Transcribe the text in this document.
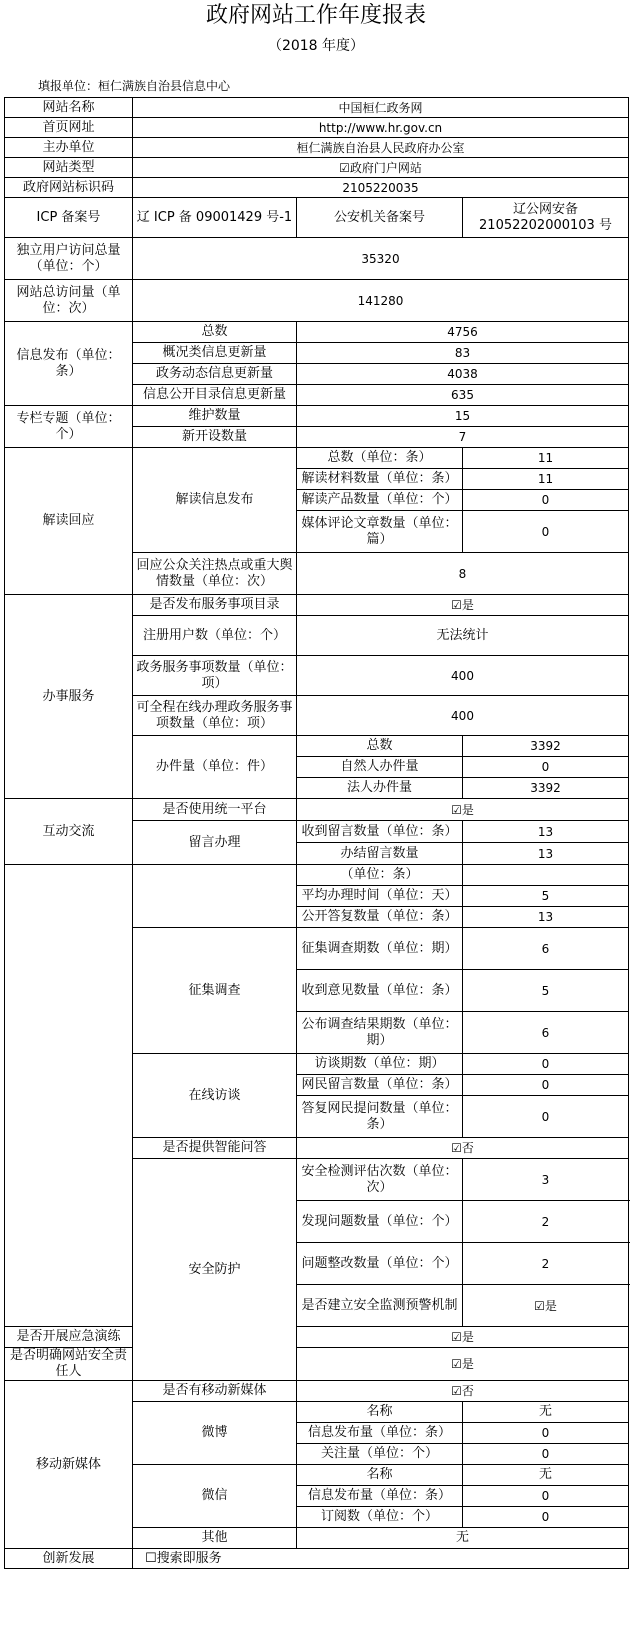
政府网站工作年度报表
（2018 年度）
填报单位：桓仁满族自治县信息中心
网站名称	中国桓仁政务网		
首页网址	http://www.hr.gov.cn		
主办单位	桓仁满族自治县人民政府办公室		
网站类型	☑政府门户网站		
政府网站标识码	2105220035		
ICP 备案号	辽 ICP 备 09001429 号-1	公安机关备案号	辽公网安备 21052202000103 号
独立用户访问总量（单位：个）	35320		
网站总访问量（单位：次）	141280		
信息发布（单位：条）	总数	4756	
	概况类信息更新量	83	
	政务动态信息更新量	4038	
	信息公开目录信息更新量	635	
专栏专题（单位：个）	维护数量	15	
	新开设数量	7	
解读回应	解读信息发布	总数（单位：条）	11
		解读材料数量（单位：条）	11
		解读产品数量（单位：个）	0
		媒体评论文章数量（单位：篇）	0
	回应公众关注热点或重大舆情数量（单位：次）	8	
办事服务	是否发布服务事项目录	☑是	
	注册用户数（单位：个）	无法统计	
	政务服务事项数量（单位：项）	400	
	可全程在线办理政务服务事项数量（单位：项）	400	
	办件量（单位：件）	总数	3392
		自然人办件量	0
		法人办件量	3392
互动交流	是否使用统一平台	☑是	
	留言办理	收到留言数量（单位：条）	13
		办结留言数量	13
		（单位：条）	
		平均办理时间（单位：天）	5
		公开答复数量（单位：条）	13
	征集调查	征集调查期数（单位：期）	6
		收到意见数量（单位：条）	5
		公布调查结果期数（单位：期）	6
	在线访谈	访谈期数（单位：期）	0
		网民留言数量（单位：条）	0
		答复网民提问数量（单位：条）	0
	是否提供智能问答	☑否	
	安全防护	安全检测评估次数（单位：次）	3
		发现问题数量（单位：个）	2
		问题整改数量（单位：个）	2
		是否建立安全监测预警机制	☑是
是否开展应急演练		☑是	
是否明确网站安全责任人		☑是	
移动新媒体	是否有移动新媒体	☑否	
	微博	名称	无
		信息发布量（单位：条）	0
		关注量（单位：个）	0
	微信	名称	无
		信息发布量（单位：条）	0
		订阅数（单位：个）	0
	其他	无	
创新发展	☐搜索即服务		
